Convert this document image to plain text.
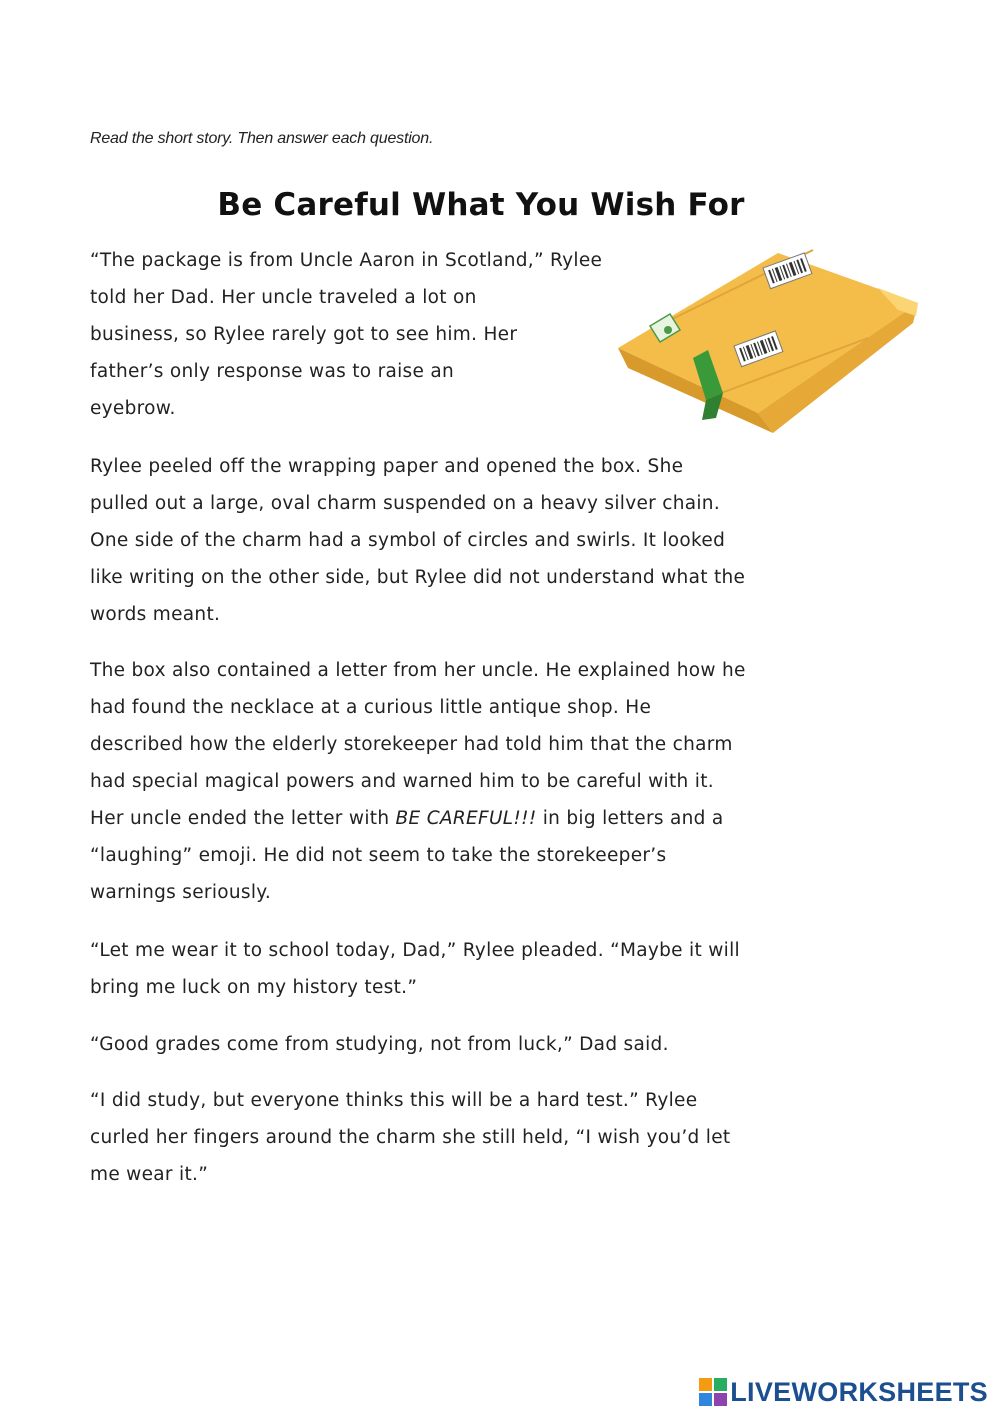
Read the short story. Then answer each question.
Be Careful What You Wish For

“The package is from Uncle Aaron in Scotland,” Rylee
told her Dad. Her uncle traveled a lot on
business, so Rylee rarely got to see him. Her
father’s only response was to raise an
eyebrow.

Rylee peeled off the wrapping paper and opened the box. She
pulled out a large, oval charm suspended on a heavy silver chain.
One side of the charm had a symbol of circles and swirls. It looked
like writing on the other side, but Rylee did not understand what the
words meant.

The box also contained a letter from her uncle. He explained how he
had found the necklace at a curious little antique shop. He
described how the elderly storekeeper had told him that the charm
had special magical powers and warned him to be careful with it.
Her uncle ended the letter with BE CAREFUL!!! in big letters and a
“laughing” emoji. He did not seem to take the storekeeper’s
warnings seriously.

“Let me wear it to school today, Dad,” Rylee pleaded. “Maybe it will
bring me luck on my history test.”

“Good grades come from studying, not from luck,” Dad said.

“I did study, but everyone thinks this will be a hard test.” Rylee
curled her fingers around the charm she still held, “I wish you’d let
me wear it.”

LIVEWORKSHEETS
